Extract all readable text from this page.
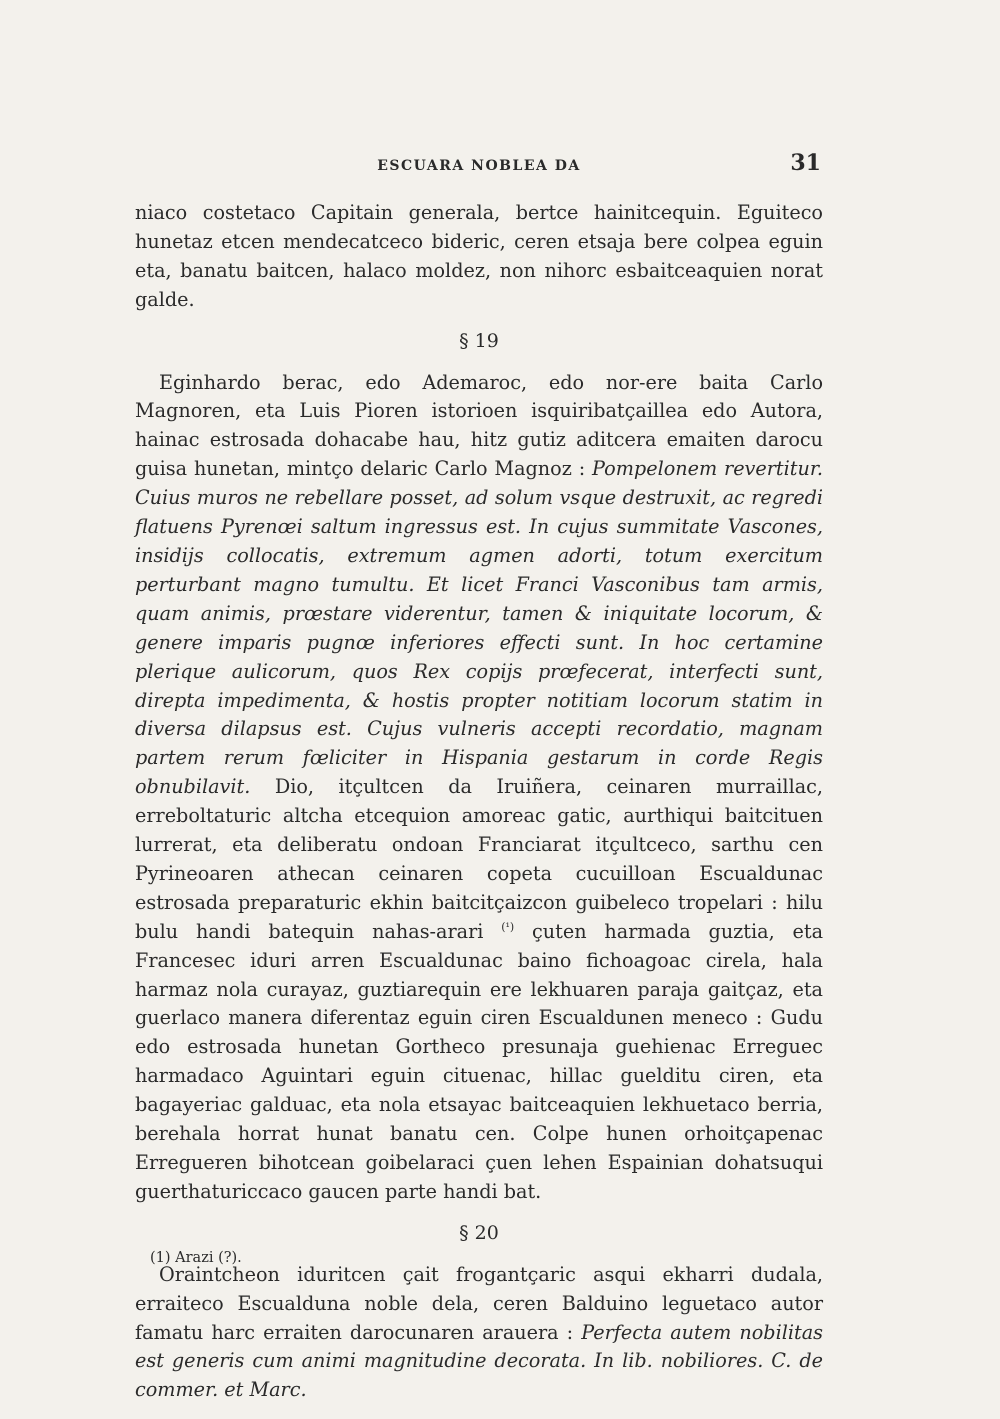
ESCUARA NOBLEA DA	31

niaco costetaco Capitain generala, bertce hainitcequin. Eguiteco hunetaz etcen mendecatceco bideric, ceren etsaja bere colpea eguin eta, banatu baitcen, halaco moldez, non nihorc esbaitceaquien norat galde.

§ 19

Eginhardo berac, edo Ademaroc, edo nor-ere baita Carlo Magnoren, eta Luis Pioren istorioen isquiribatçaillea edo Autora, hainac estrosada dohacabe hau, hitz gutiz aditcera emaiten darocu guisa hunetan, mintço delaric Carlo Magnoz : Pompelonem revertitur. Cuius muros ne rebellare posset, ad solum vsque destruxit, ac regredi flatuens Pyrenœi saltum ingressus est. In cujus summitate Vascones, insidijs collocatis, extremum agmen adorti, totum exercitum perturbant magno tumultu. Et licet Franci Vasconibus tam armis, quam animis, prœstare viderentur, tamen & iniquitate locorum, & genere imparis pugnœ inferiores effecti sunt. In hoc certamine plerique aulicorum, quos Rex copijs prœfecerat, interfecti sunt, direpta impedimenta, & hostis propter notitiam locorum statim in diversa dilapsus est. Cujus vulneris accepti recordatio, magnam partem rerum fœliciter in Hispania gestarum in corde Regis obnubilavit. Dio, itçultcen da Iruiñera, ceinaren murraillac, erreboltaturic altcha etcequion amoreac gatic, aurthiqui baitcituen lurrerat, eta deliberatu ondoan Franciarat itçultceco, sarthu cen Pyrineoaren athecan ceinaren copeta cucuilloan Escualdunac estrosada preparaturic ekhin baitcitçaizcon guibeleco tropelari : hilu bulu handi batequin nahas-arari $^{(^1)}$ çuten harmada guztia, eta Francesec iduri arren Escualdunac baino fichoagoac cirela, hala harmaz nola curayaz, guztiarequin ere lekhuaren paraja gaitçaz, eta guerlaco manera diferentaz eguin ciren Escualdunen meneco : Gudu edo estrosada hunetan Gortheco presunaja guehienac Erreguec harmadaco Aguintari eguin cituenac, hillac guelditu ciren, eta bagayeriac galduac, eta nola etsayac baitceaquien lekhuetaco berria, berehala horrat hunat banatu cen. Colpe hunen orhoitçapenac Erregueren bihotcean goibelaraci çuen lehen Espainian dohatsuqui guerthaturiccaco gaucen parte handi bat.

§ 20

Oraintcheon iduritcen çait frogantçaric asqui ekharri dudala, erraiteco Escualduna noble dela, ceren Balduino leguetaco autor famatu harc erraiten darocunaren arauera : Perfecta autem nobilitas est generis cum animi magnitudine decorata. In lib. nobiliores. C. de commer. et Marc.

(1) Arazi (?).
